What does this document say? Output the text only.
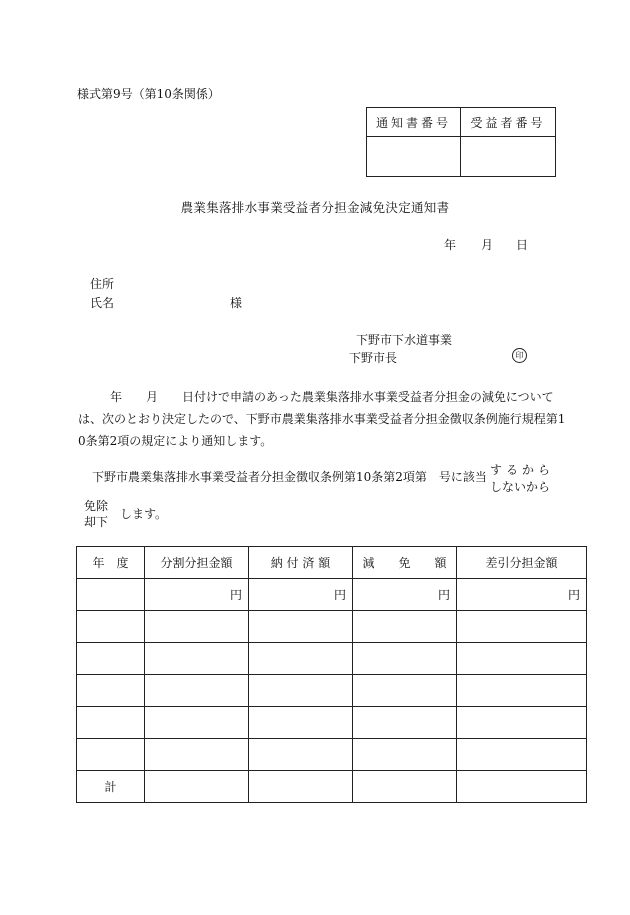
様式第9号（第10条関係）
通知書番号	受益者番号

農業集落排水事業受益者分担金減免決定通知書
年 月 日
住所
氏名	様
下野市下水道事業
下野市長	印
年　　月　　日付けで申請のあった農業集落排水事業受益者分担金の減免について
は、次のとおり決定したので、下野市農業集落排水事業受益者分担金徴収条例施行規程第1
0条第2項の規定により通知します。
下野市農業集落排水事業受益者分担金徴収条例第10条第2項第　号に該当 するから
しないから
免除
却下
します。
年　度	分割分担金額	納 付 済 額	減　　免　　額	差引分担金額
	円	円	円	円

計				
